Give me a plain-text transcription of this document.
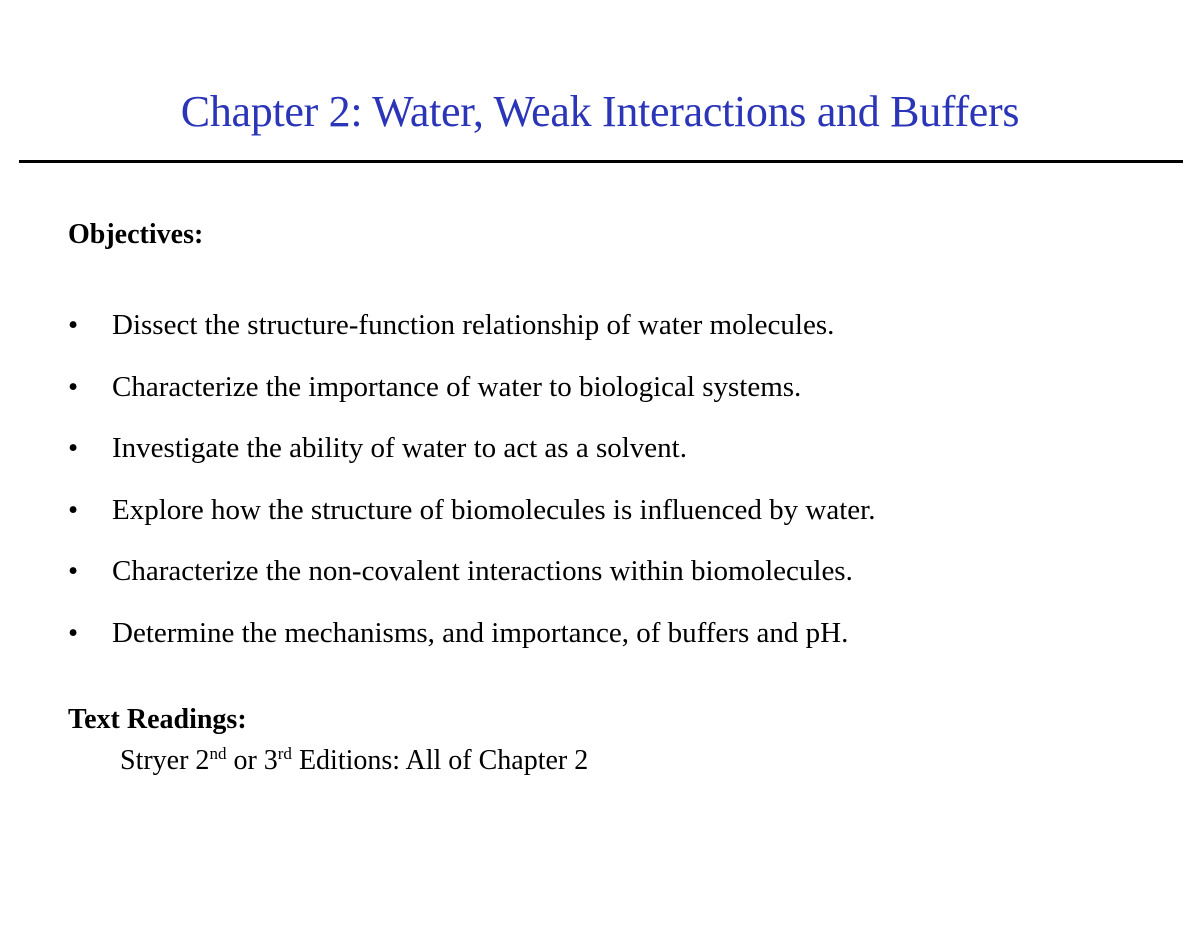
Chapter 2: Water, Weak Interactions and Buffers
Objectives:
•	Dissect the structure-function relationship of water molecules.
•	Characterize the importance of water to biological systems.
•	Investigate the ability of water to act as a solvent.
•	Explore how the structure of biomolecules is influenced by water.
•	Characterize the non-covalent interactions within biomolecules.
•	Determine the mechanisms, and importance, of buffers and pH.
Text Readings:
Stryer 2nd or 3rd Editions: All of Chapter 2
